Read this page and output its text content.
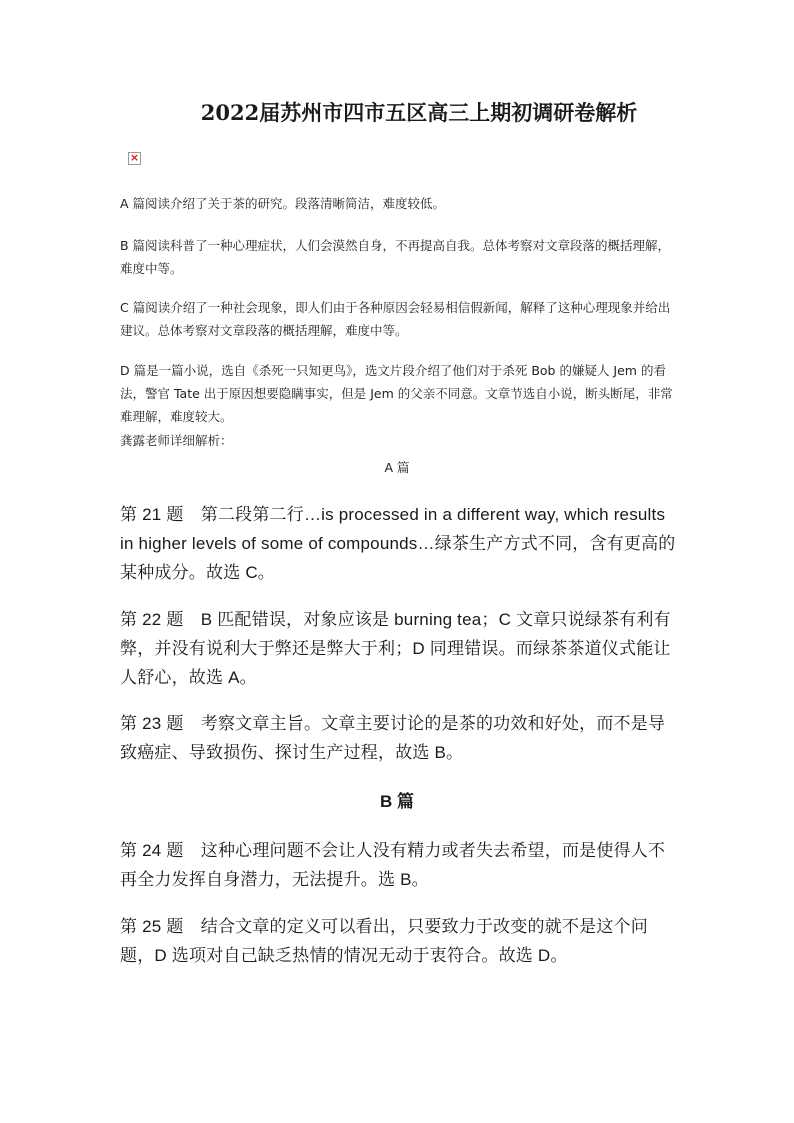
2022届苏州市四市五区高三上期初调研卷解析
×

A 篇阅读介绍了关于茶的研究。段落清晰简洁，难度较低。

B 篇阅读科普了一种心理症状，人们会漠然自身，不再提高自我。总体考察对文章段落的概括理解，难度中等。

C 篇阅读介绍了一种社会现象，即人们由于各种原因会轻易相信假新闻，解释了这种心理现象并给出建议。总体考察对文章段落的概括理解，难度中等。

D 篇是一篇小说，选自《杀死一只知更鸟》，选文片段介绍了他们对于杀死 Bob 的嫌疑人 Jem 的看法，警官 Tate 出于原因想要隐瞒事实，但是 Jem 的父亲不同意。文章节选自小说，断头断尾，非常难理解，难度较大。

龚露老师详细解析：

A 篇

第 21 题　第二段第二行…is processed in a different way, which results in higher levels of some of compounds…绿茶生产方式不同，含有更高的某种成分。故选 C。

第 22 题　B 匹配错误，对象应该是 burning tea；C 文章只说绿茶有利有弊，并没有说利大于弊还是弊大于利；D 同理错误。而绿茶茶道仪式能让人舒心，故选 A。

第 23 题　考察文章主旨。文章主要讨论的是茶的功效和好处，而不是导致癌症、导致损伤、探讨生产过程，故选 B。

B 篇

第 24 题　这种心理问题不会让人没有精力或者失去希望，而是使得人不再全力发挥自身潜力，无法提升。选 B。

第 25 题　结合文章的定义可以看出，只要致力于改变的就不是这个问题，D 选项对自己缺乏热情的情况无动于衷符合。故选 D。
